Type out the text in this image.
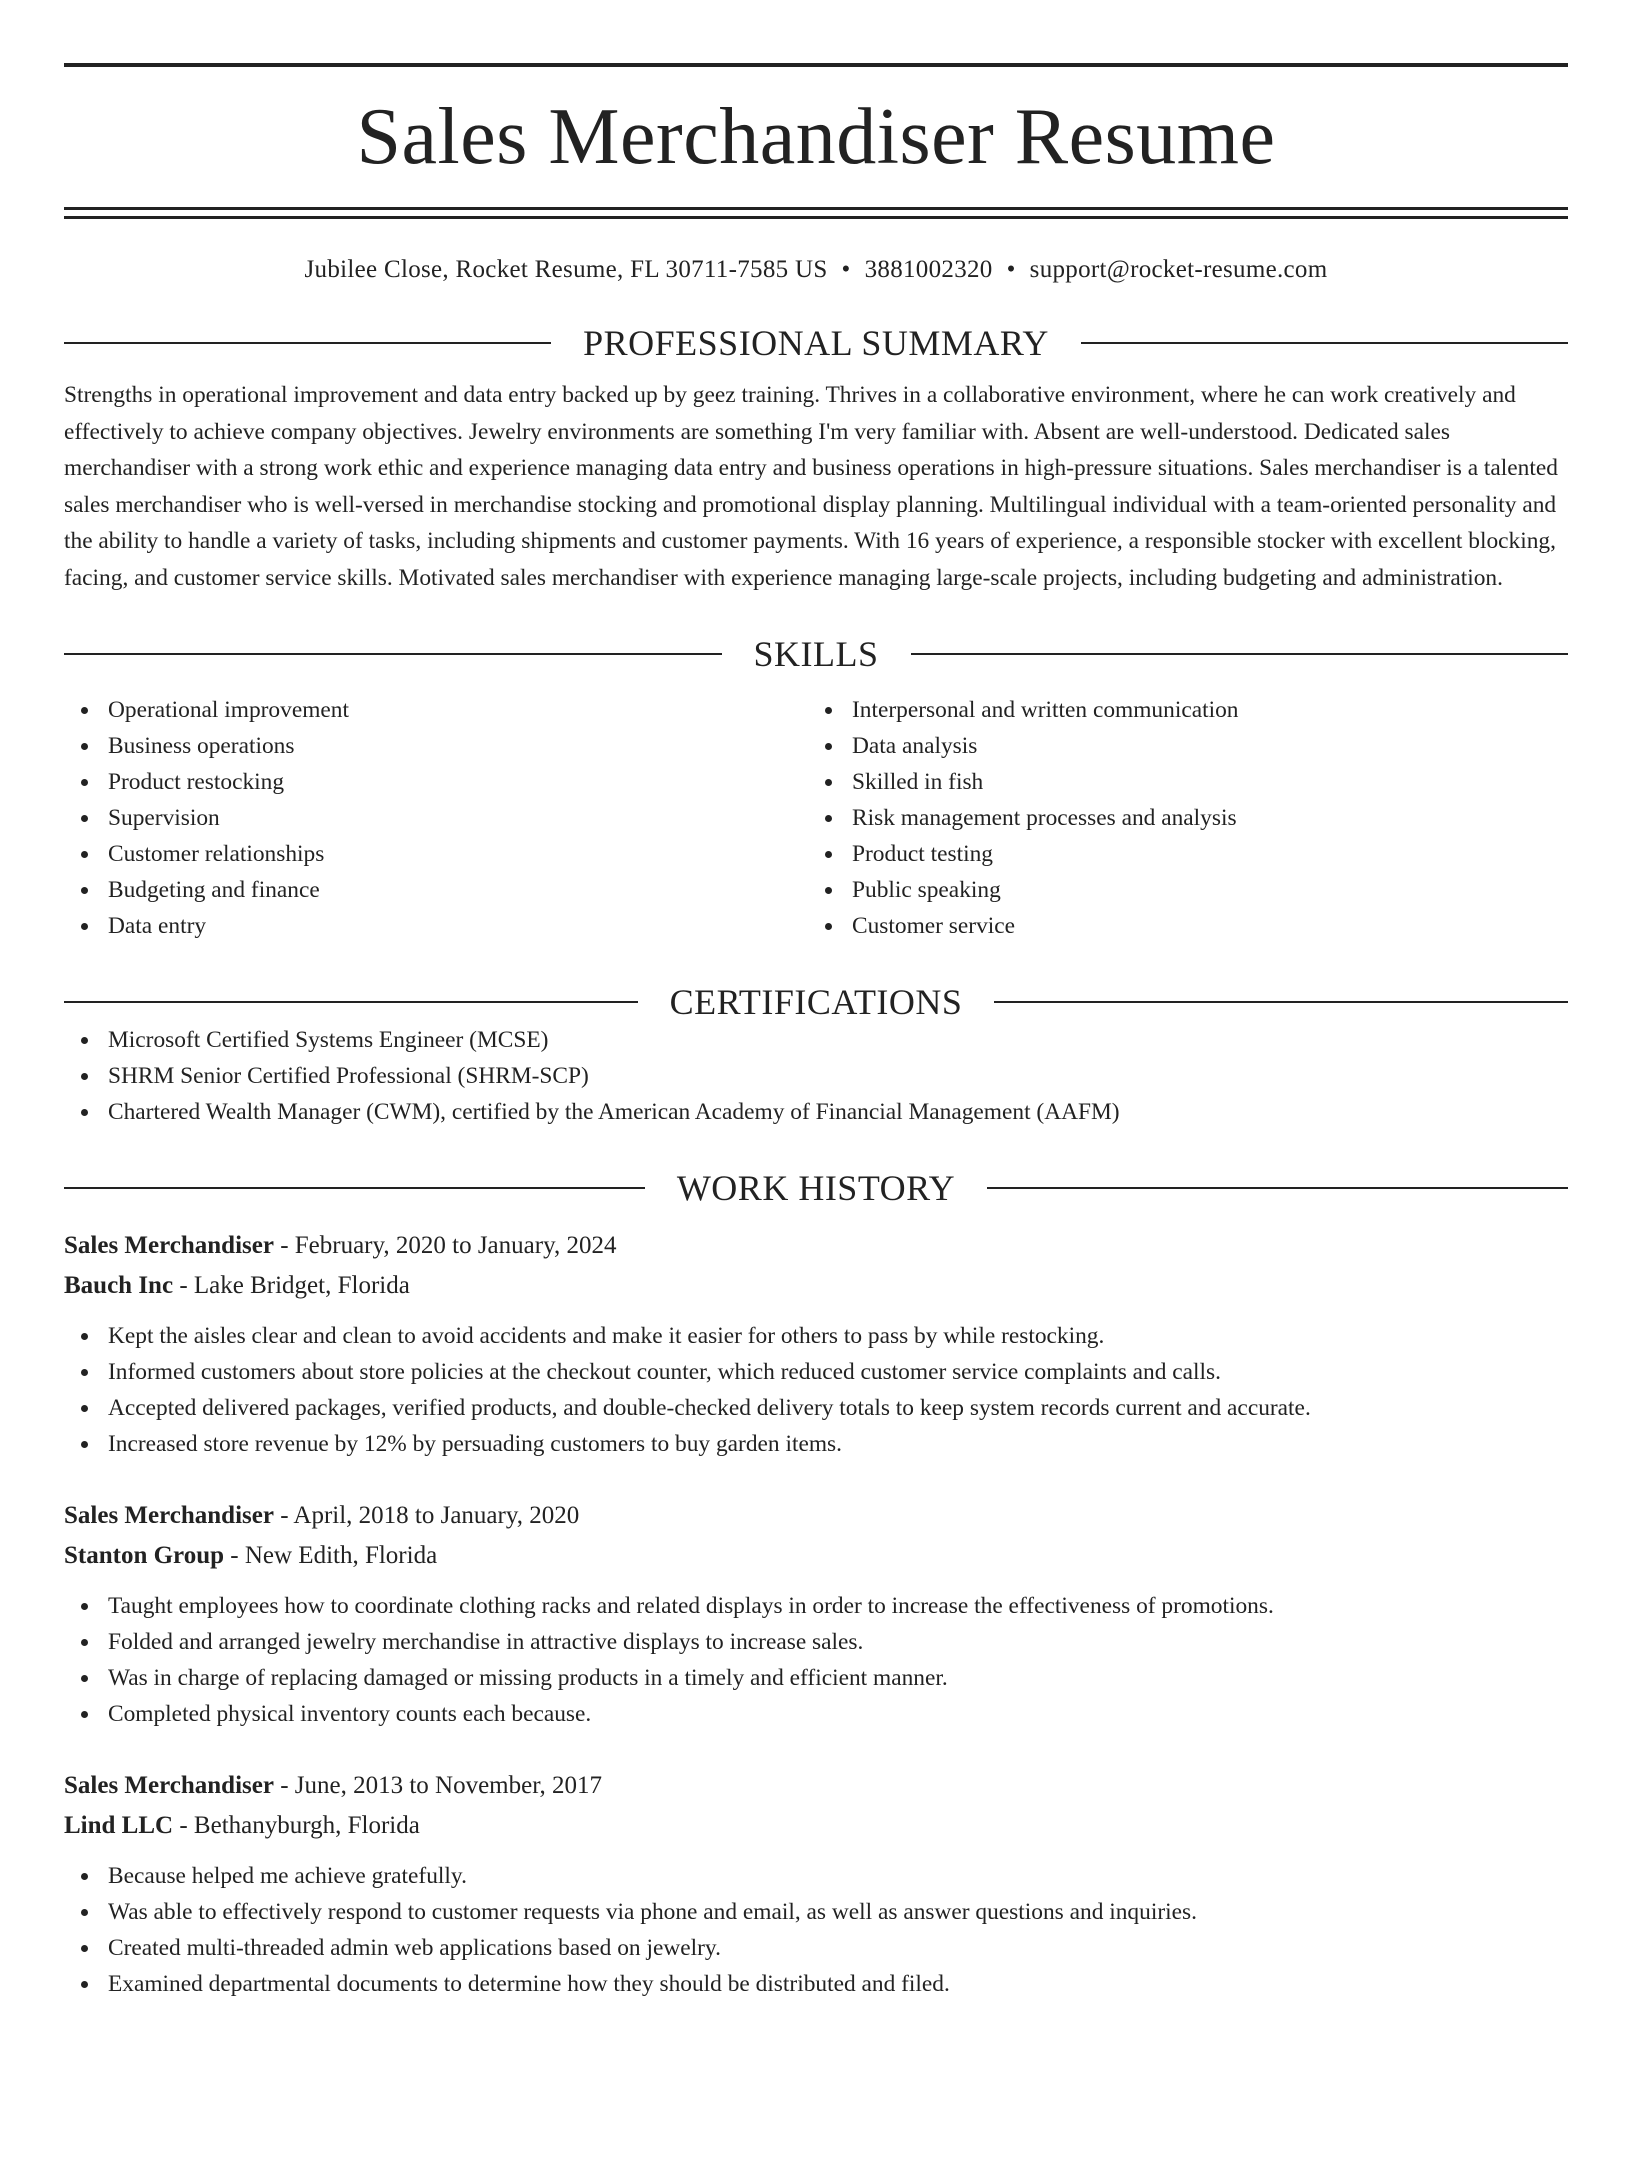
Sales Merchandiser Resume
Jubilee Close, Rocket Resume, FL 30711-7585 US • 3881002320 • support@rocket-resume.com
PROFESSIONAL SUMMARY
Strengths in operational improvement and data entry backed up by geez training. Thrives in a collaborative environment, where he can work creatively and effectively to achieve company objectives. Jewelry environments are something I'm very familiar with. Absent are well-understood. Dedicated sales merchandiser with a strong work ethic and experience managing data entry and business operations in high-pressure situations. Sales merchandiser is a talented sales merchandiser who is well-versed in merchandise stocking and promotional display planning. Multilingual individual with a team-oriented personality and the ability to handle a variety of tasks, including shipments and customer payments. With 16 years of experience, a responsible stocker with excellent blocking, facing, and customer service skills. Motivated sales merchandiser with experience managing large-scale projects, including budgeting and administration.
SKILLS
Operational improvement
Business operations
Product restocking
Supervision
Customer relationships
Budgeting and finance
Data entry
Interpersonal and written communication
Data analysis
Skilled in fish
Risk management processes and analysis
Product testing
Public speaking
Customer service
CERTIFICATIONS
Microsoft Certified Systems Engineer (MCSE)
SHRM Senior Certified Professional (SHRM-SCP)
Chartered Wealth Manager (CWM), certified by the American Academy of Financial Management (AAFM)
WORK HISTORY
Sales Merchandiser - February, 2020 to January, 2024
Bauch Inc - Lake Bridget, Florida
Kept the aisles clear and clean to avoid accidents and make it easier for others to pass by while restocking.
Informed customers about store policies at the checkout counter, which reduced customer service complaints and calls.
Accepted delivered packages, verified products, and double-checked delivery totals to keep system records current and accurate.
Increased store revenue by 12% by persuading customers to buy garden items.
Sales Merchandiser - April, 2018 to January, 2020
Stanton Group - New Edith, Florida
Taught employees how to coordinate clothing racks and related displays in order to increase the effectiveness of promotions.
Folded and arranged jewelry merchandise in attractive displays to increase sales.
Was in charge of replacing damaged or missing products in a timely and efficient manner.
Completed physical inventory counts each because.
Sales Merchandiser - June, 2013 to November, 2017
Lind LLC - Bethanyburgh, Florida
Because helped me achieve gratefully.
Was able to effectively respond to customer requests via phone and email, as well as answer questions and inquiries.
Created multi-threaded admin web applications based on jewelry.
Examined departmental documents to determine how they should be distributed and filed.
